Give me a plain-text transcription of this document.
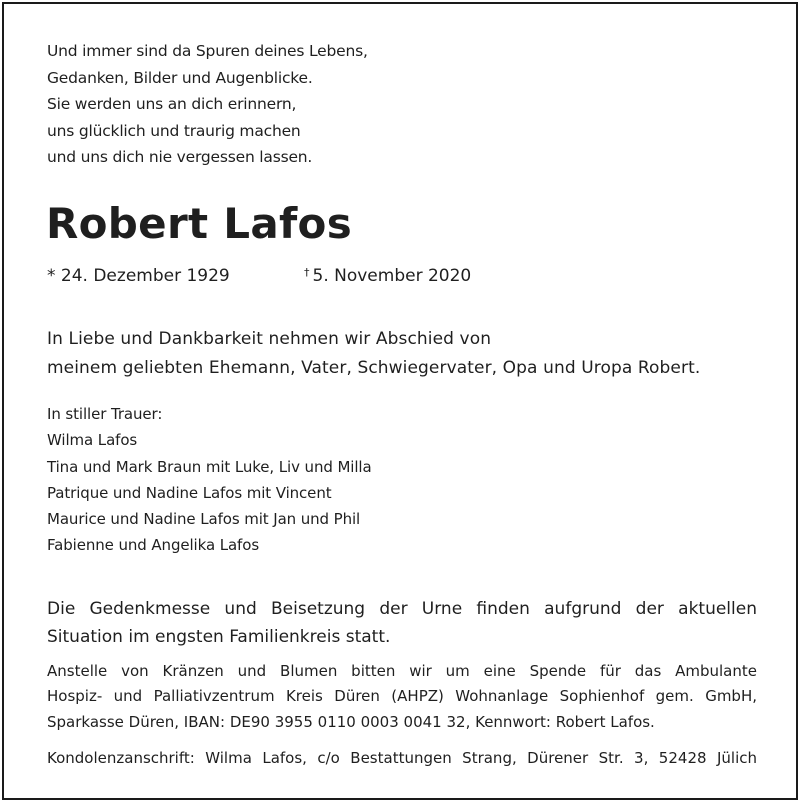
Und immer sind da Spuren deines Lebens,
Gedanken, Bilder und Augenblicke.
Sie werden uns an dich erinnern,
uns glücklich und traurig machen
und uns dich nie vergessen lassen.
Robert Lafos
* 24. Dezember 1929	† 5. November 2020
In Liebe und Dankbarkeit nehmen wir Abschied von
meinem geliebten Ehemann, Vater, Schwiegervater, Opa und Uropa Robert.
In stiller Trauer:
Wilma Lafos
Tina und Mark Braun mit Luke, Liv und Milla
Patrique und Nadine Lafos mit Vincent
Maurice und Nadine Lafos mit Jan und Phil
Fabienne und Angelika Lafos
Die Gedenkmesse und Beisetzung der Urne finden aufgrund der aktuellen
Situation im engsten Familienkreis statt.
Anstelle von Kränzen und Blumen bitten wir um eine Spende für das Ambulante
Hospiz- und Palliativzentrum Kreis Düren (AHPZ) Wohnanlage Sophienhof gem. GmbH,
Sparkasse Düren, IBAN: DE90 3955 0110 0003 0041 32, Kennwort: Robert Lafos.
Kondolenzanschrift: Wilma Lafos, c/o Bestattungen Strang, Dürener Str. 3, 52428 Jülich
